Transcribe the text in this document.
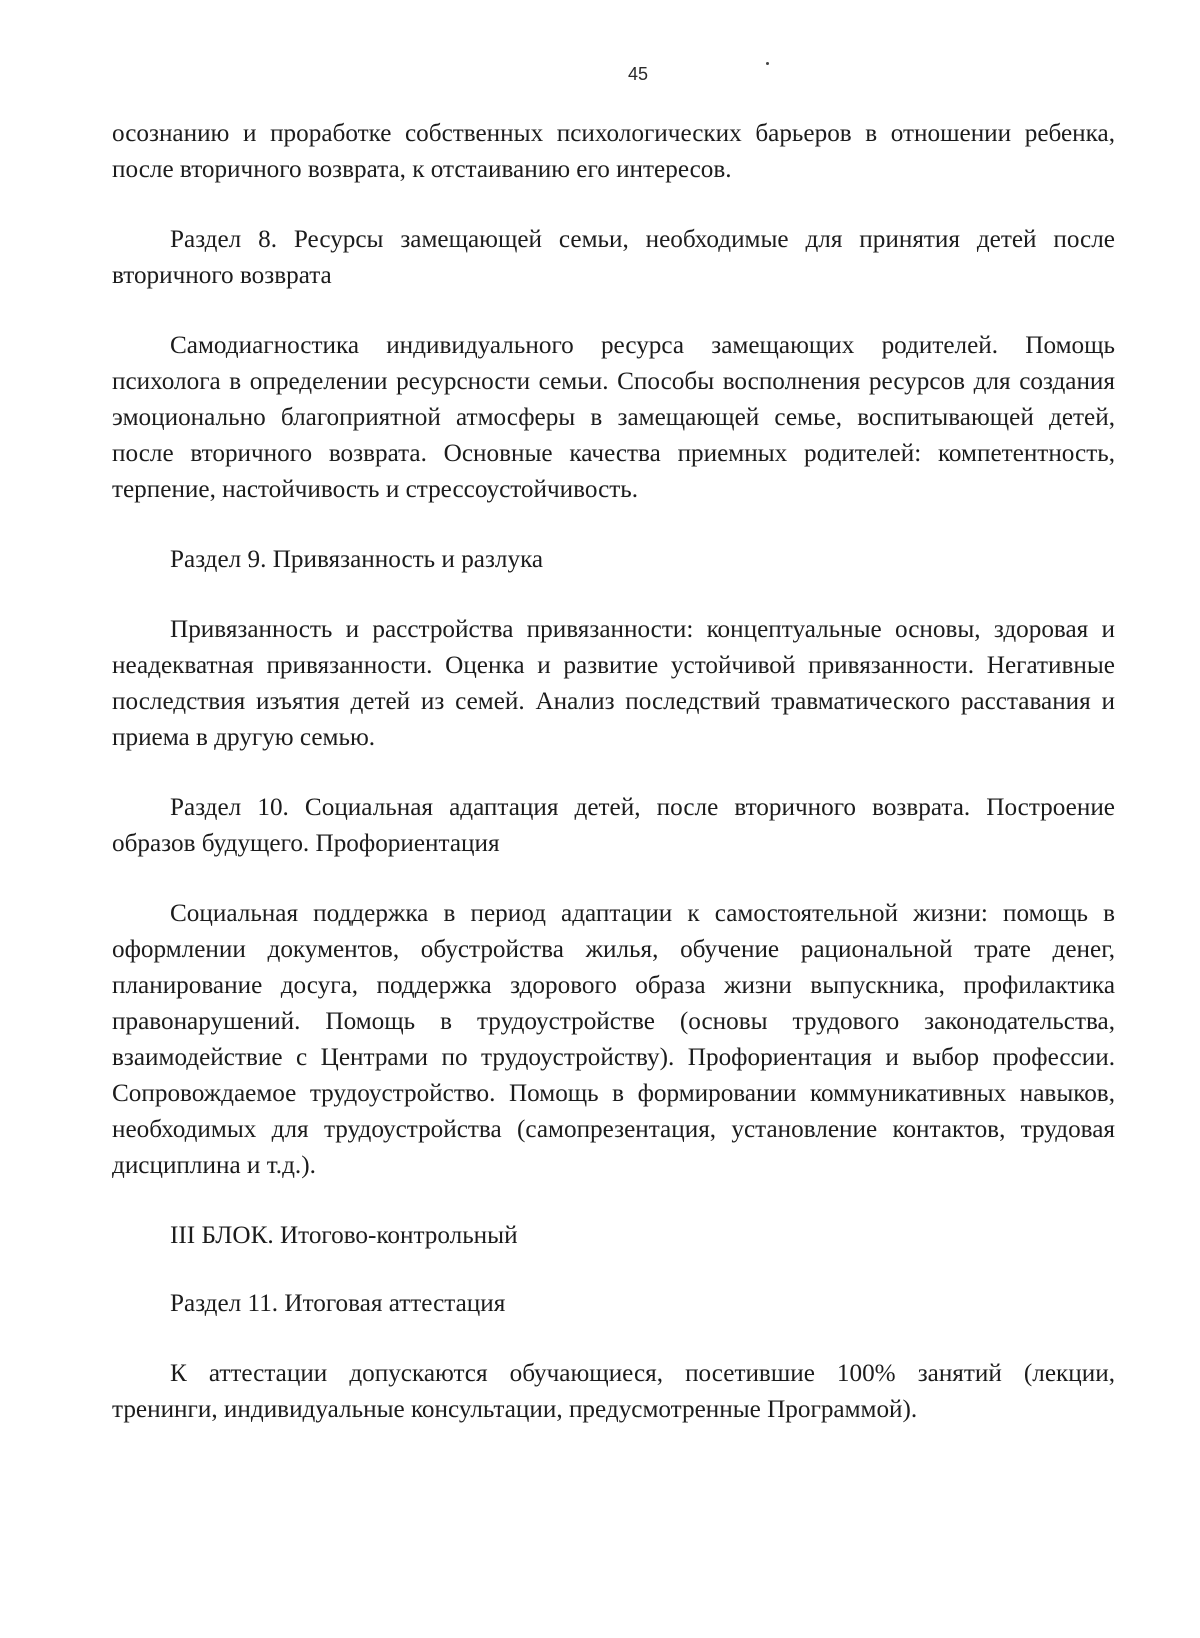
45

осознанию и проработке собственных психологических барьеров в отношении ребенка, после вторичного возврата, к отстаиванию его интересов.

Раздел 8. Ресурсы замещающей семьи, необходимые для принятия детей после вторичного возврата

Самодиагностика индивидуального ресурса замещающих родителей. Помощь психолога в определении ресурсности семьи. Способы восполнения ресурсов для создания эмоционально благоприятной атмосферы в замещающей семье, воспитывающей детей, после вторичного возврата. Основные качества приемных родителей: компетентность, терпение, настойчивость и стрессоустойчивость.

Раздел 9. Привязанность и разлука

Привязанность и расстройства привязанности: концептуальные основы, здоровая и неадекватная привязанности. Оценка и развитие устойчивой привязанности. Негативные последствия изъятия детей из семей. Анализ последствий травматического расставания и приема в другую семью.

Раздел 10. Социальная адаптация детей, после вторичного возврата. Построение образов будущего. Профориентация

Социальная поддержка в период адаптации к самостоятельной жизни: помощь в оформлении документов, обустройства жилья, обучение рациональной трате денег, планирование досуга, поддержка здорового образа жизни выпускника, профилактика правонарушений. Помощь в трудоустройстве (основы трудового законодательства, взаимодействие с Центрами по трудоустройству). Профориентация и выбор профессии. Сопровождаемое трудоустройство. Помощь в формировании коммуникативных навыков, необходимых для трудоустройства (самопрезентация, установление контактов, трудовая дисциплина и т.д.).

III БЛОК. Итогово-контрольный

Раздел 11. Итоговая аттестация

К аттестации допускаются обучающиеся, посетившие 100% занятий (лекции, тренинги, индивидуальные консультации, предусмотренные Программой).
